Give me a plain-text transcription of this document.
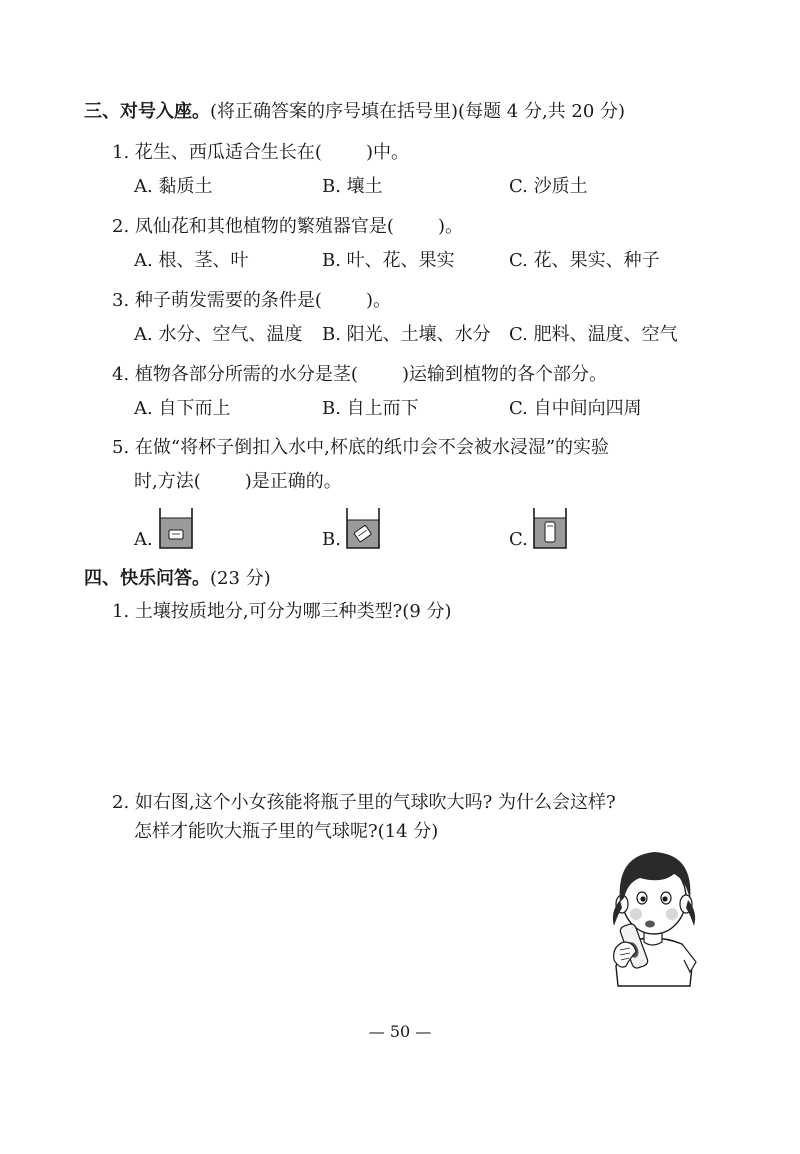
三、对号入座。(将正确答案的序号填在括号里)(每题 4 分,共 20 分)
1. 花生、西瓜适合生长在( )中。
A. 黏质土	B. 壤土	C. 沙质土
2. 凤仙花和其他植物的繁殖器官是( )。
A. 根、茎、叶	B. 叶、花、果实	C. 花、果实、种子
3. 种子萌发需要的条件是( )。
A. 水分、空气、温度 B. 阳光、土壤、水分 C. 肥料、温度、空气
4. 植物各部分所需的水分是茎( )运输到植物的各个部分。
A. 自下而上	B. 自上而下	C. 自中间向四周
5. 在做“将杯子倒扣入水中,杯底的纸巾会不会被水浸湿”的实验
时,方法( )是正确的。
A.	B.	C.
四、快乐问答。(23 分)
1. 土壤按质地分,可分为哪三种类型?(9 分)
2. 如右图,这个小女孩能将瓶子里的气球吹大吗? 为什么会这样?
怎样才能吹大瓶子里的气球呢?(14 分)
— 50 —
